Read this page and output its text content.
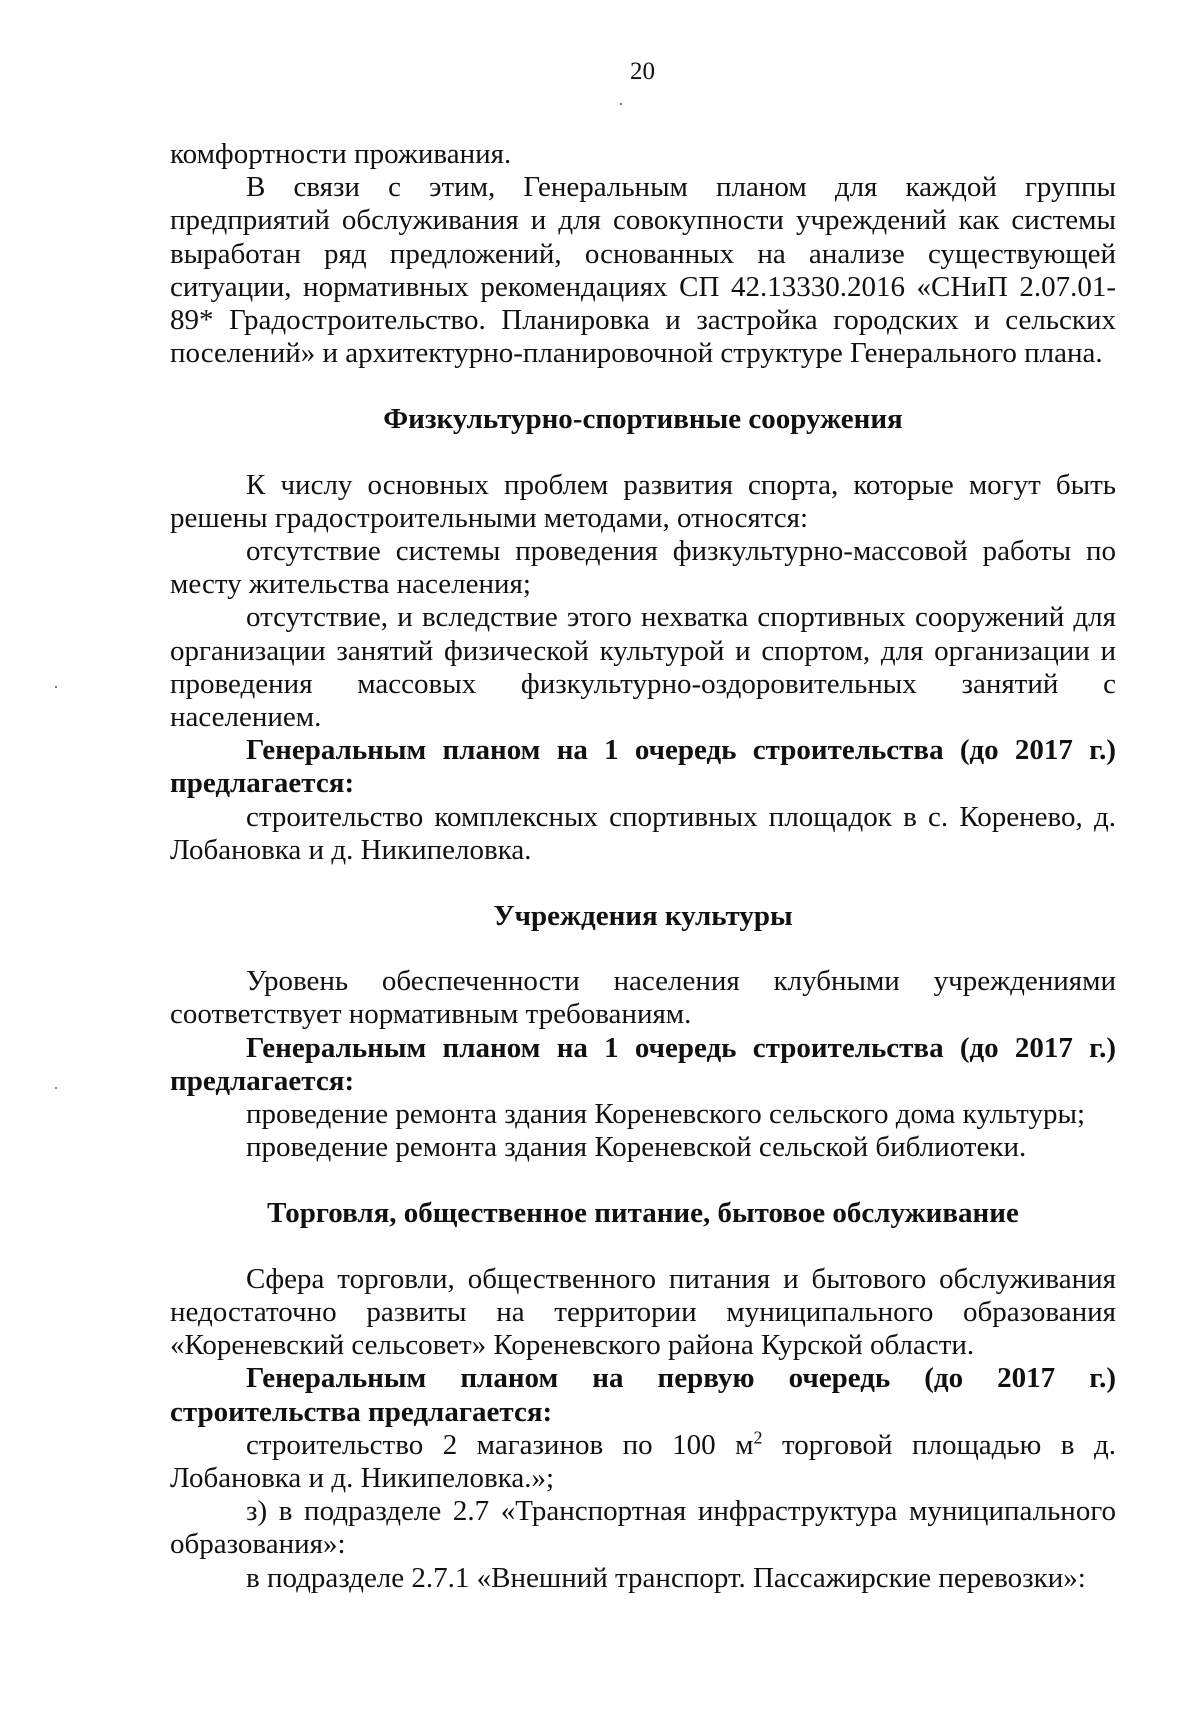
20

комфортности проживания.

В связи с этим, Генеральным планом для каждой группы предприятий обслуживания и для совокупности учреждений как системы выработан ряд предложений, основанных на анализе существующей ситуации, нормативных рекомендациях СП 42.13330.2016 «СНиП 2.07.01-89* Градостроительство. Планировка и застройка городских и сельских поселений» и архитектурно-планировочной структуре Генерального плана.

Физкультурно-спортивные сооружения

К числу основных проблем развития спорта, которые могут быть решены градостроительными методами, относятся:

отсутствие системы проведения физкультурно-массовой работы по месту жительства населения;

отсутствие, и вследствие этого нехватка спортивных сооружений для организации занятий физической культурой и спортом, для организации и проведения массовых физкультурно-оздоровительных занятий с населением.

Генеральным планом на 1 очередь строительства (до 2017 г.) предлагается:

строительство комплексных спортивных площадок в с. Коренево, д. Лобановка и д. Никипеловка.

Учреждения культуры

Уровень обеспеченности населения клубными учреждениями соответствует нормативным требованиям.

Генеральным планом на 1 очередь строительства (до 2017 г.) предлагается:

проведение ремонта здания Кореневского сельского дома культуры;

проведение ремонта здания Кореневской сельской библиотеки.

Торговля, общественное питание, бытовое обслуживание

Сфера торговли, общественного питания и бытового обслуживания недостаточно развиты на территории муниципального образования «Кореневский сельсовет» Кореневского района Курской области.

Генеральным планом на первую очередь (до 2017 г.) строительства предлагается:

строительство 2 магазинов по 100 $м^2$ торговой площадью в д. Лобановка и д. Никипеловка.»;

з) в подразделе 2.7 «Транспортная инфраструктура муниципального образования»:

в подразделе 2.7.1 «Внешний транспорт. Пассажирские перевозки»:
